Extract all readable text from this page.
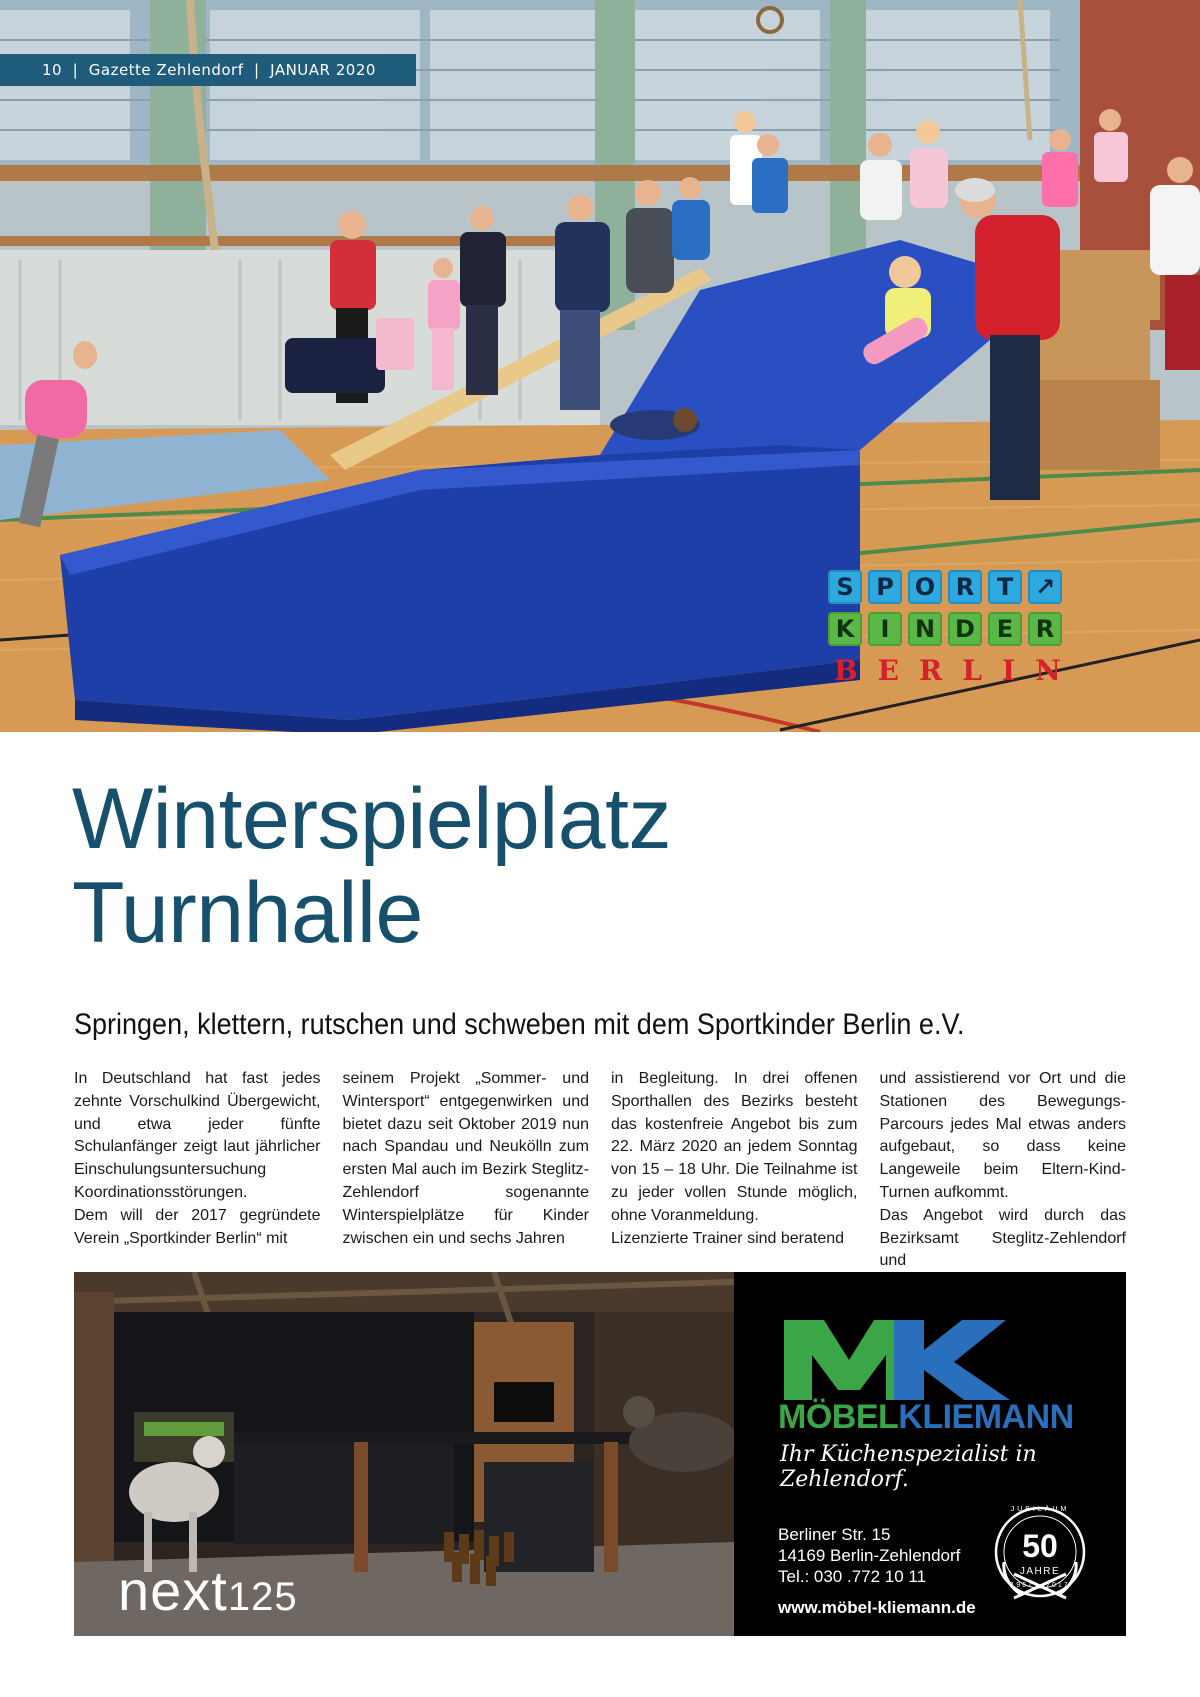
10
|
Gazette Zehlendorf
|
JANUAR 2020
S P O R T ↗
K	I	N D E R
B E R L I N
Winterspielplatz
Turnhalle
Springen, klettern, rutschen und schweben mit dem Sportkinder Berlin e.V.
In Deutschland hat fast jedes zehnte Vorschulkind Übergewicht, und etwa jeder fünfte Schulanfänger zeigt laut jährlicher Einschulungsuntersuchung Koordinationsstörungen.
Dem will der 2017 gegründete Verein „Sportkinder Berlin“ mit
seinem Projekt „Sommer- und Wintersport“ entgegenwirken und bietet dazu seit Oktober 2019 nun nach Spandau und Neukölln zum ersten Mal auch im Bezirk Steglitz-Zehlendorf sogenannte Winterspielplätze für Kinder zwischen ein und sechs Jahren
in Begleitung. In drei offenen Sporthallen des Bezirks besteht das kostenfreie Angebot bis zum 22. März 2020 an jedem Sonntag von 15 – 18 Uhr. Die Teilnahme ist zu jeder vollen Stunde möglich, ohne Voranmeldung.
Lizenzierte Trainer sind beratend
und assistierend vor Ort und die Stationen des Bewegungs-Parcours jedes Mal etwas anders aufgebaut, so dass keine Langeweile beim Eltern-Kind-Turnen aufkommt.
Das Angebot wird durch das Bezirksamt Steglitz-Zehlendorf und
next125
MÖBELKLIEMANN
Ihr Küchenspezialist in Zehlendorf.
Berliner Str. 15
14169 Berlin-Zehlendorf
Tel.: 030 .772 10 11
www.möbel-kliemann.de
JUBILÄUM
50
JAHRE
1967 - 2017
